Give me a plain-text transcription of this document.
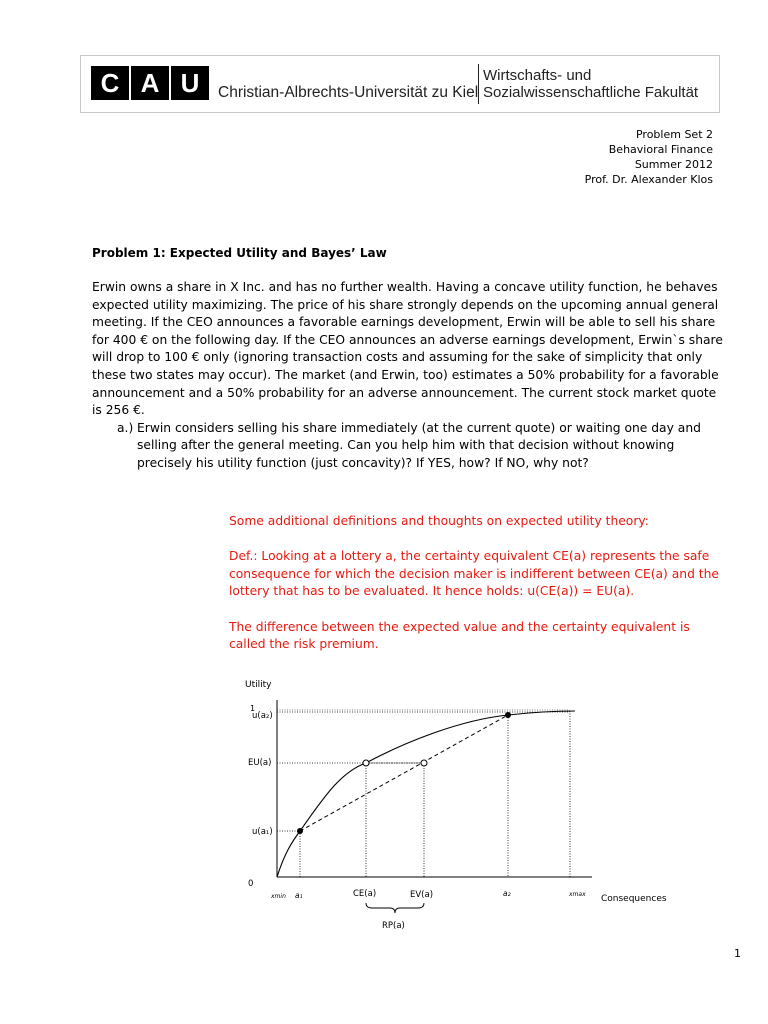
C A U	Christian-Albrechts-Universität zu Kiel
Wirtschafts- und
Sozialwissenschaftliche Fakultät
Problem Set 2
Behavioral Finance
Summer 2012
Prof. Dr. Alexander Klos
Problem 1: Expected Utility and Bayes’ Law

Erwin owns a share in X Inc. and has no further wealth. Having a concave utility function, he behaves expected utility maximizing. The price of his share strongly depends on the upcoming annual general meeting. If the CEO announces a favorable earnings development, Erwin will be able to sell his share for 400 € on the following day. If the CEO announces an adverse earnings development, Erwin`s share will drop to 100 € only (ignoring transaction costs and assuming for the sake of simplicity that only these two states may occur). The market (and Erwin, too) estimates a 50% probability for a favorable announcement and a 50% probability for an adverse announcement. The current stock market quote is 256 €.

a.) Erwin considers selling his share immediately (at the current quote) or waiting one day and selling after the general meeting. Can you help him with that decision without knowing precisely his utility function (just concavity)? If YES, how? If NO, why not?

Some additional definitions and thoughts on expected utility theory:

Def.: Looking at a lottery a, the certainty equivalent CE(a) represents the safe consequence for which the decision maker is indifferent between CE(a) and the lottery that has to be evaluated. It hence holds: u(CE(a)) = EU(a).

The difference between the expected value and the certainty equivalent is called the risk premium.

Utility
1
u(a₂)
EU(a)
u(a₁)
0
xmin a₁	CE(a)	EV(a)	a₂	xmax Consequences
RP(a)
1
